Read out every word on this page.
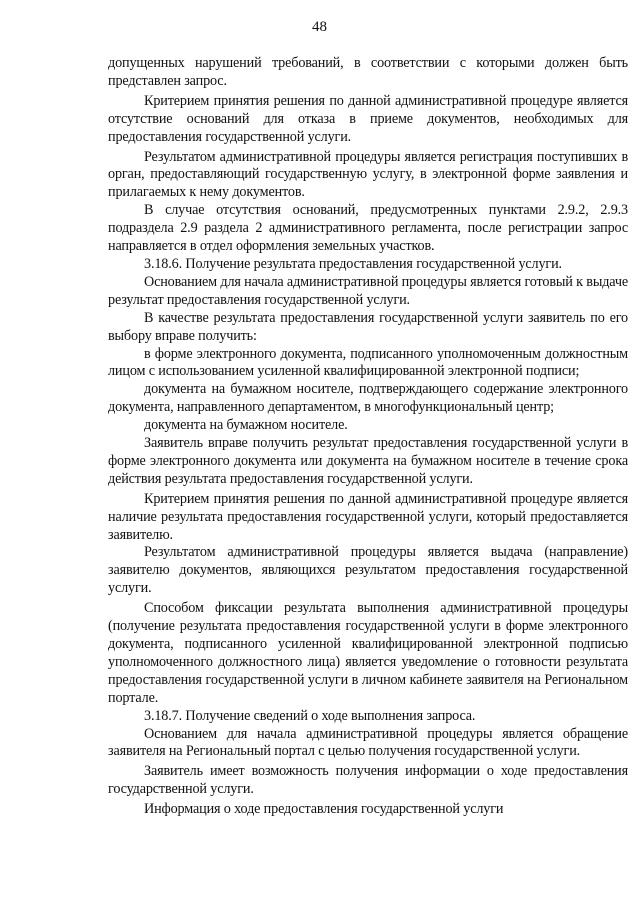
48

допущенных нарушений требований, в соответствии с которыми должен быть представлен запрос.

Критерием принятия решения по данной административной процедуре является отсутствие оснований для отказа в приеме документов, необходимых для предоставления государственной услуги.

Результатом административной процедуры является регистрация поступивших в орган, предоставляющий государственную услугу, в электронной форме заявления и прилагаемых к нему документов.

В случае отсутствия оснований, предусмотренных пунктами 2.9.2, 2.9.3 подраздела 2.9 раздела 2 административного регламента, после регистрации запрос направляется в отдел оформления земельных участков.

3.18.6. Получение результата предоставления государственной услуги.

Основанием для начала административной процедуры является готовый к выдаче результат предоставления государственной услуги.

В качестве результата предоставления государственной услуги заявитель по его выбору вправе получить:

в форме электронного документа, подписанного уполномоченным должностным лицом с использованием усиленной квалифицированной электронной подписи;

документа на бумажном носителе, подтверждающего содержание электронного документа, направленного департаментом, в многофункциональный центр;

документа на бумажном носителе.

Заявитель вправе получить результат предоставления государственной услуги в форме электронного документа или документа на бумажном носителе в течение срока действия результата предоставления государственной услуги.

Критерием принятия решения по данной административной процедуре является наличие результата предоставления государственной услуги, который предоставляется заявителю.

Результатом административной процедуры является выдача (направление) заявителю документов, являющихся результатом предоставления государственной услуги.

Способом фиксации результата выполнения административной процедуры (получение результата предоставления государственной услуги в форме электронного документа, подписанного усиленной квалифицированной электронной подписью уполномоченного должностного лица) является уведомление о готовности результата предоставления государственной услуги в личном кабинете заявителя на Региональном портале.

3.18.7. Получение сведений о ходе выполнения запроса.

Основанием для начала административной процедуры является обращение заявителя на Региональный портал с целью получения государственной услуги.

Заявитель имеет возможность получения информации о ходе предоставления государственной услуги.

Информация о ходе предоставления государственной услуги
